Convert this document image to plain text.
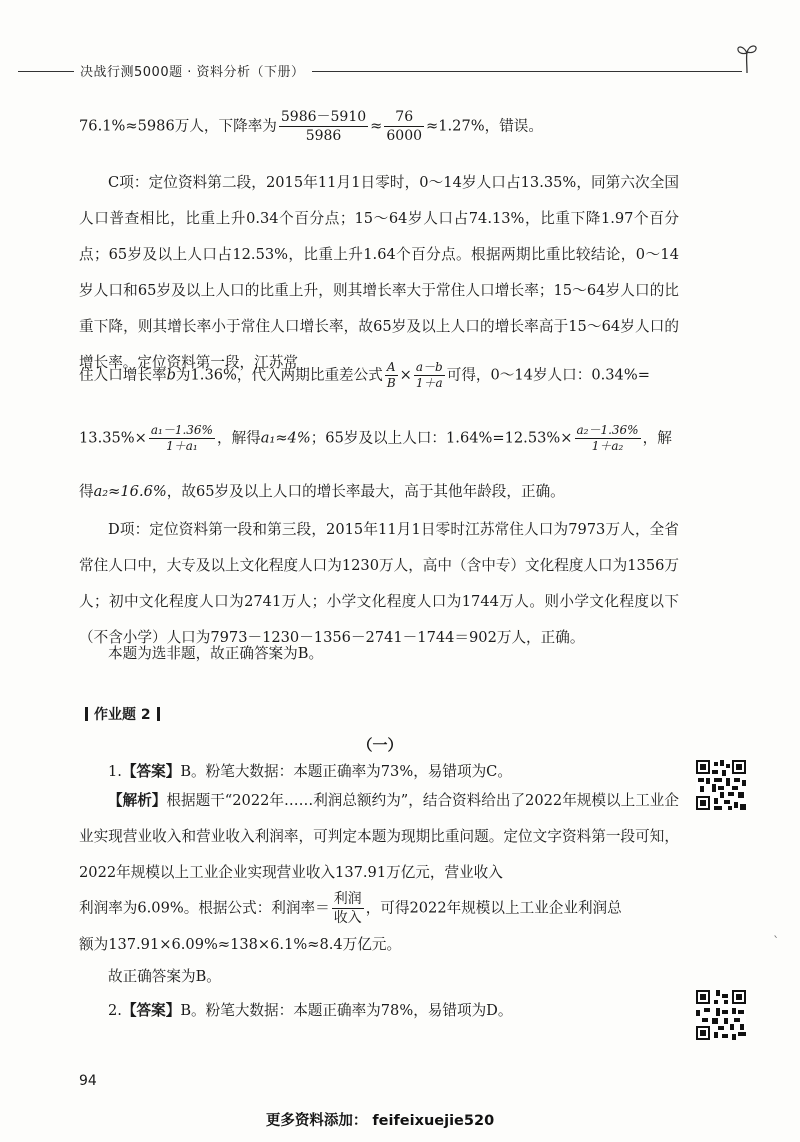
决战行测5000题 · 资料分析（下册）
76.1%≈5986万人，下降率为 $\frac{5986-5910}{5986} \approx \frac{76}{6000} \approx 1.27\%$，错误。
C项：定位资料第二段，2015年11月1日零时，0～14岁人口占13.35%，同第六次全国人口普查相比，比重上升0.34个百分点；15～64岁人口占74.13%，比重下降1.97个百分点；65岁及以上人口占12.53%，比重上升1.64个百分点。根据两期比重比较结论，0～14岁人口和65岁及以上人口的比重上升，则其增长率大于常住人口增长率；15～64岁人口的比重下降，则其增长率小于常住人口增长率，故65岁及以上人口的增长率高于15～64岁人口的增长率。定位资料第一段，江苏常
住人口增长率b为1.36%，代入两期比重差公式 $\frac{A}{B} \times \frac{a-b}{1+a}$ 可得，0～14岁人口：0.34%=
$13.35\%\times \frac{\text{a₁－1.36\%}}{\text{1＋a₁}}$ ，解得a₁≈4%；65岁及以上人口：$1.64\%=12.53\%\times \frac{\text{a₂－1.36\%}}{\text{1＋a₂}}$ ，解
得a₂≈16.6%，故65岁及以上人口的增长率最大，高于其他年龄段，正确。
D项：定位资料第一段和第三段，2015年11月1日零时江苏常住人口为7973万人，全省常住人口中，大专及以上文化程度人口为1230万人，高中（含中专）文化程度人口为1356万人；初中文化程度人口为2741万人；小学文化程度人口为1744万人。则小学文化程度以下（不含小学）人口为7973－1230－1356－2741－1744＝902万人，正确。
本题为选非题，故正确答案为B。
作业题 2
（一）
1.【答案】B。粉笔大数据：本题正确率为73%，易错项为C。
【解析】根据题干“2022年……利润总额约为”，结合资料给出了2022年规模以上工业企业实现营业收入和营业收入利润率，可判定本题为现期比重问题。定位文字资料第一段可知，2022年规模以上工业企业实现营业收入137.91万亿元，营业收入
利润率为6.09%。根据公式：利润率＝ $\frac{\text{利润}}{\text{收入}}$ ，可得2022年规模以上工业企业利润总
额为137.91×6.09%≈138×6.1%≈8.4万亿元。
故正确答案为B。
2.【答案】B。粉笔大数据：本题正确率为78%，易错项为D。
ˋ
94
更多资料添加： feifeixuejie520
